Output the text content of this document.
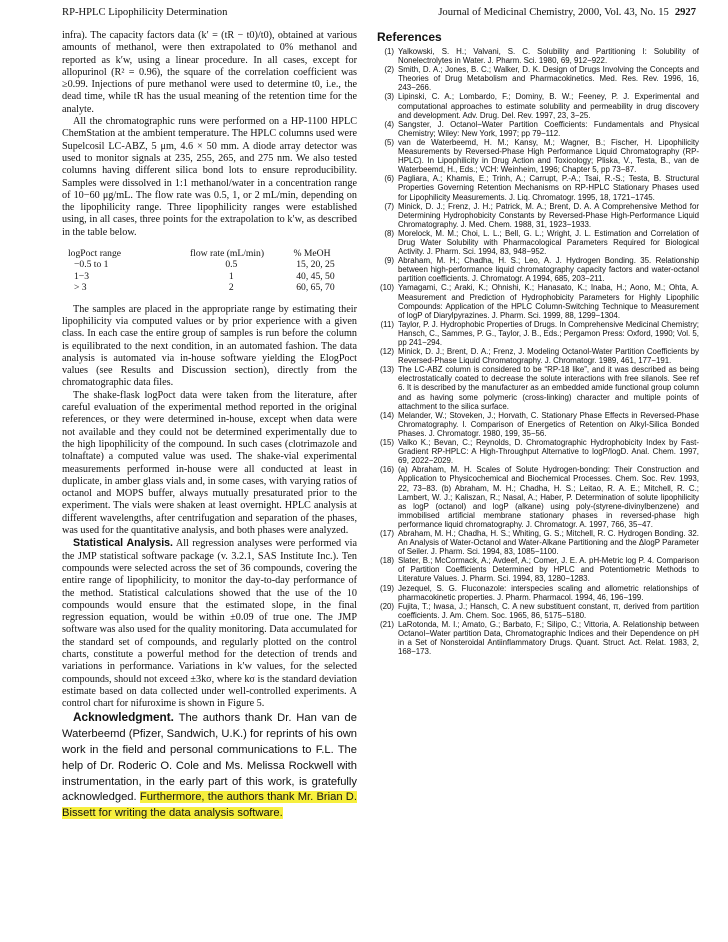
RP-HPLC Lipophilicity Determination	Journal of Medicinal Chemistry, 2000, Vol. 43, No. 15 2927

infra). The capacity factors data (k′ = (tR − t0)/t0), obtained at various amounts of methanol, were then extrapolated to 0% methanol and reported as k′w, using a linear procedure. In all cases, except for allopurinol (R² = 0.96), the square of the correlation coefficient was ≥0.99. Injections of pure methanol were used to determine t0, i.e., the dead time, while tR has the usual meaning of the retention time for the analyte.

All the chromatographic runs were performed on a HP-1100 HPLC ChemStation at the ambient temperature. The HPLC columns used were Supelcosil LC-ABZ, 5 μm, 4.6 × 50 mm. A diode array detector was used to monitor signals at 235, 255, 265, and 275 nm. We also tested columns having different silica bond lots to ensure reproducibility. Samples were dissolved in 1:1 methanol/water in a concentration range of 10−60 μg/mL. The flow rate was 0.5, 1, or 2 mL/min, depending on the lipophilicity range. Three lipophilicity ranges were established using, in all cases, three points for the extrapolation to k′w, as described in the table below.

logPoct range	flow rate (mL/min)	% MeOH
−0.5 to 1	0.5	15, 20, 25
1−3	1	40, 45, 50
> 3	2	60, 65, 70

The samples are placed in the appropriate range by estimating their lipophilicity via computed values or by prior experience with a given class. In each case the entire group of samples is run before the column is equilibrated to the next condition, in an automated fashion. The data analysis is automated via in-house software yielding the ElogPoct values (see Results and Discussion section), directly from the chromatographic data files.

The shake-flask logPoct data were taken from the literature, after careful evaluation of the experimental method reported in the original references, or they were determined in-house, except when data were not available and they could not be determined experimentally due to the high lipophilicity of the compound. In such cases (clotrimazole and tolnaftate) a computed value was used. The shake-vial experimental measurements performed in-house were all conducted at least in duplicate, in amber glass vials and, in some cases, with varying ratios of octanol and MOPS buffer, always mutually presaturated prior to the experiment. The vials were shaken at least overnight. HPLC analysis at different wavelengths, after centrifugation and separation of the phases, was used for the quantitative analysis, and both phases were analyzed.

Statistical Analysis. All regression analyses were performed via the JMP statistical software package (v. 3.2.1, SAS Institute Inc.). Ten compounds were selected across the set of 36 compounds, covering the entire range of lipophilicity, to monitor the day-to-day performance of the method. Statistical calculations showed that the use of the 10 compounds would ensure that the estimated slope, in the final regression equation, would be within ±0.09 of true one. The JMP software was also used for the quality monitoring. Data accumulated for the standard set of compounds, and regularly plotted on the control charts, constitute a powerful method for the detection of trends and variations in performance. Variations in k′w values, for the selected compounds, should not exceed ±3kσ, where kσ is the standard deviation estimate based on data collected under well-controlled experiments. A control chart for nifuroxime is shown in Figure 5.

Acknowledgment. The authors thank Dr. Han van de Waterbeemd (Pfizer, Sandwich, U.K.) for reprints of his own work in the field and personal communications to F.L. The help of Dr. Roderic O. Cole and Ms. Melissa Rockwell with instrumentation, in the early part of this work, is gratefully acknowledged. Furthermore, the authors thank Mr. Brian D. Bissett for writing the data analysis software.

References
(1) Yalkowski, S. H.; Valvani, S. C. Solubility and Partitioning I: Solubility of Nonelectrolytes in Water. J. Pharm. Sci. 1980, 69, 912−922.
(2) Smith, D. A.; Jones, B. C.; Walker, D. K. Design of Drugs Involving the Concepts and Theories of Drug Metabolism and Pharmacokinetics. Med. Res. Rev. 1996, 16, 243−266.
(3) Lipinski, C. A.; Lombardo, F.; Dominy, B. W.; Feeney, P. J. Experimental and computational approaches to estimate solubility and permeability in drug discovery and development. Adv. Drug. Del. Rev. 1997, 23, 3−25.
(4) Sangster, J. Octanol−Water Partition Coefficients: Fundamentals and Physical Chemistry; Wiley: New York, 1997; pp 79−112.
(5) van de Waterbeemd, H. M.; Kansy, M.; Wagner, B.; Fischer, H. Lipophilicity Measurements by Reversed-Phase High Performance Liquid Chromatography (RP-HPLC). In Lipophilicity in Drug Action and Toxicology; Pliska, V., Testa, B., van de Waterbeemd, H., Eds.; VCH: Weinheim, 1996; Chapter 5, pp 73−87.
(6) Pagliara, A.; Khamis, E.; Trinh, A.; Carrupt, P.-A.; Tsai, R.-S.; Testa, B. Structural Properties Governing Retention Mechanisms on RP-HPLC Stationary Phases used for Lipophilicity Measurements. J. Liq. Chromatogr. 1995, 18, 1721−1745.
(7) Minick, D. J.; Frenz, J. H.; Patrick, M. A.; Brent, D. A. A Comprehensive Method for Determining Hydrophobicity Constants by Reversed-Phase High-Performance Liquid Chromatography. J. Med. Chem. 1988, 31, 1923−1933.
(8) Morelock, M. M.; Choi, L. L.; Bell, G. L.; Wright, J. L. Estimation and Correlation of Drug Water Solubility with Pharmacological Parameters Required for Biological Activity. J. Pharm. Sci. 1994, 83, 948−952.
(9) Abraham, M. H.; Chadha, H. S.; Leo, A. J. Hydrogen Bonding. 35. Relationship between high-performance liquid chromatography capacity factors and water-octanol partition coefficients. J. Chromatogr. A 1994, 685, 203−211.
(10) Yamagami, C.; Araki, K.; Ohnishi, K.; Hanasato, K.; Inaba, H.; Aono, M.; Ohta, A. Measurement and Prediction of Hydrophobicity Parameters for Highly Lipophilic Compounds: Application of the HPLC Column-Switching Technique to Measurement of logP of Diarylpyrazines. J. Pharm. Sci. 1999, 88, 1299−1304.
(11) Taylor, P. J. Hydrophobic Properties of Drugs. In Comprehensive Medicinal Chemistry; Hansch, C., Sammes, P. G., Taylor, J. B., Eds.; Pergamon Press: Oxford, 1990; Vol. 5, pp 241−294.
(12) Minick, D. J.; Brent, D. A.; Frenz, J. Modeling Octanol-Water Partition Coefficients by Reversed-Phase Liquid Chromatography. J. Chromatogr. 1989, 461, 177−191.
(13) The LC-ABZ column is considered to be “RP-18 like”, and it was described as being electrostatically coated to decrease the solute interactions with free silanols. See ref 6. It is described by the manufacturer as an embedded amide functional group column and as having some polymeric (cross-linking) character and multiple points of attachment to the silica surface.
(14) Melander, W.; Stoveken, J.; Horvath, C. Stationary Phase Effects in Reversed-Phase Chromatography. I. Comparison of Energetics of Retention on Alkyl-Silica Bonded Phases. J. Chromatogr. 1980, 199, 35−56.
(15) Valko K.; Bevan, C.; Reynolds, D. Chromatographic Hydrophobicity Index by Fast-Gradient RP-HPLC: A High-Throughput Alternative to logP/logD. Anal. Chem. 1997, 69, 2022−2029.
(16) (a) Abraham, M. H. Scales of Solute Hydrogen-bonding: Their Construction and Application to Physicochemical and Biochemical Processes. Chem. Soc. Rev. 1993, 22, 73−83. (b) Abraham, M. H.; Chadha, H. S.; Leitao, R. A. E.; Mitchell, R. C.; Lambert, W. J.; Kaliszan, R.; Nasal, A.; Haber, P. Determination of solute lipophilicity as logP (octanol) and logP (alkane) using poly-(styrene-divinylbenzene) and immobilised artificial membrane stationary phases in reversed-phase high performance liquid chromatography. J. Chromatogr. A. 1997, 766, 35−47.
(17) Abraham, M. H.; Chadha, H. S.; Whiting, G. S.; Mitchell, R. C. Hydrogen Bonding. 32. An Analysis of Water-Octanol and Water-Alkane Partitioning and the ΔlogP Parameter of Seiler. J. Pharm. Sci. 1994, 83, 1085−1100.
(18) Slater, B.; McCormack, A.; Avdeef, A.; Comer, J. E. A. pH-Metric log P. 4. Comparison of Partition Coefficients Determined by HPLC and Potentiometric Methods to Literature Values. J. Pharm. Sci. 1994, 83, 1280−1283.
(19) Jezequel, S. G. Fluconazole: interspecies scaling and allometric relationships of pharmacokinetic properties. J. Pharm. Pharmacol. 1994, 46, 196−199.
(20) Fujita, T.; Iwasa, J.; Hansch, C. A new substituent constant, π, derived from partition coefficients. J. Am. Chem. Soc. 1965, 86, 5175−5180.
(21) LaRotonda, M. I.; Amato, G.; Barbato, F.; Silipo, C.; Vittoria, A. Relationship between Octanol−Water partition Data, Chromatographic Indices and their Dependence on pH in a Set of Nonsteroidal Antiinflammatory Drugs. Quant. Struct. Act. Relat. 1983, 2, 168−173.
